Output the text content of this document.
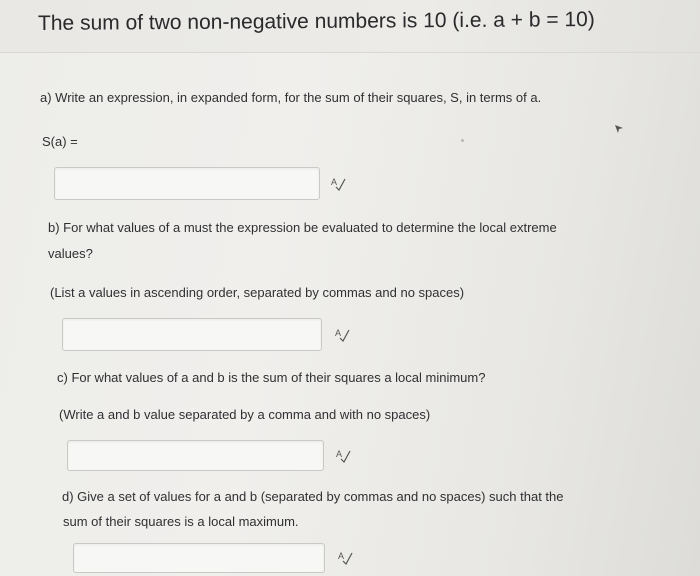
The sum of two non-negative numbers is 10 (i.e. a + b = 10)
a) Write an expression, in expanded form, for the sum of their squares, S, in terms of a.
S(a) =
A
b) For what values of a must the expression be evaluated to determine the local extreme
values?
(List a values in ascending order, separated by commas and no spaces)
A
c) For what values of a and b is the sum of their squares a local minimum?
(Write a and b value separated by a comma and with no spaces)
A
d) Give a set of values for a and b (separated by commas and no spaces) such that the
sum of their squares is a local maximum.
A
